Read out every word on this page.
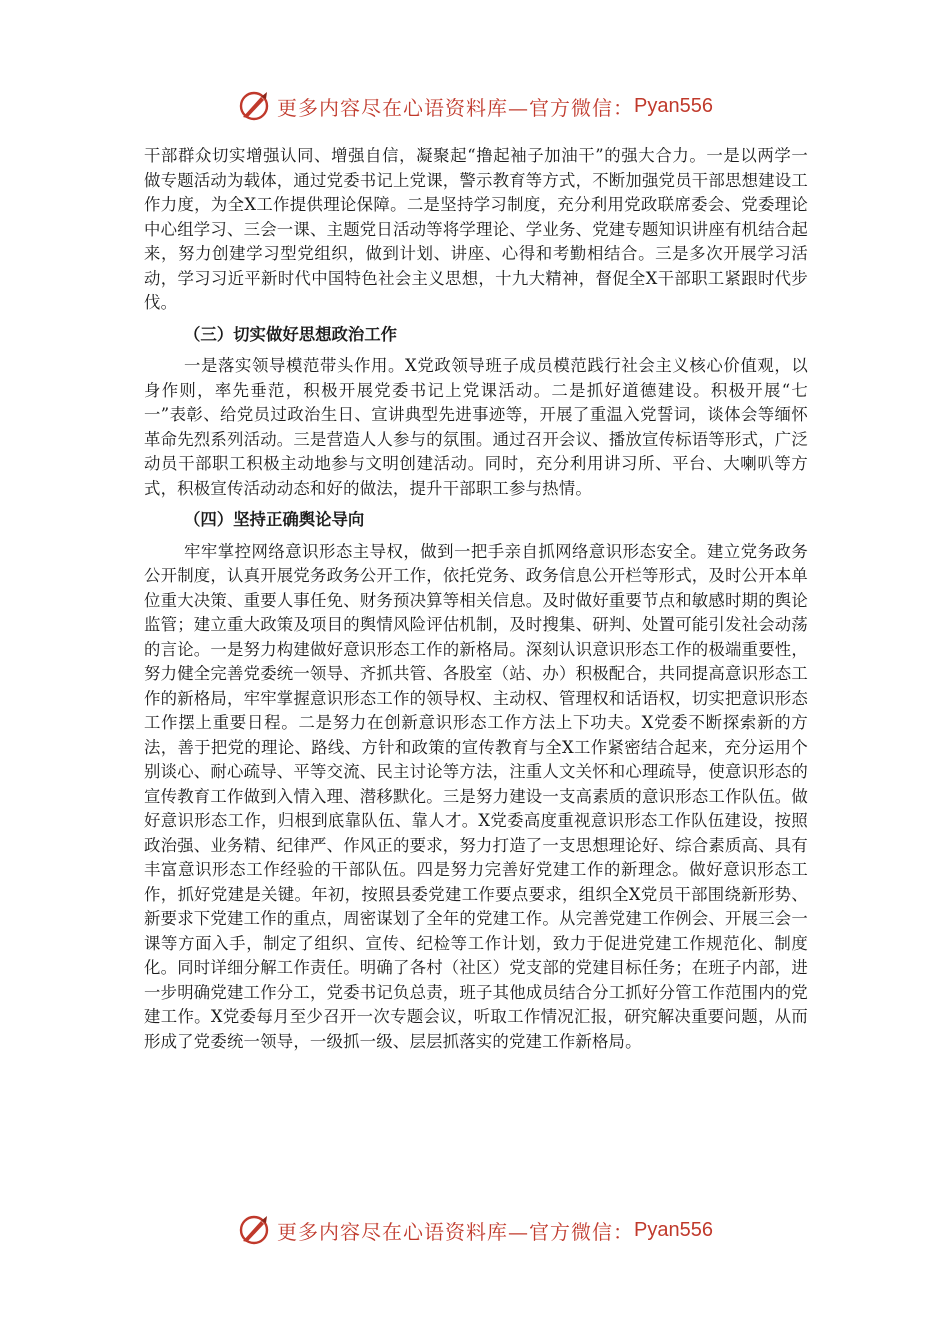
更多内容尽在心语资料库—官方微信： Pyan556

干部群众切实增强认同、增强自信，凝聚起“撸起袖子加油干”的强大合力。一是以两学一做专题活动为载体，通过党委书记上党课，警示教育等方式，不断加强党员干部思想建设工作力度，为全X工作提供理论保障。二是坚持学习制度，充分利用党政联席委会、党委理论中心组学习、三会一课、主题党日活动等将学理论、学业务、党建专题知识讲座有机结合起来，努力创建学习型党组织，做到计划、讲座、心得和考勤相结合。三是多次开展学习活动，学习习近平新时代中国特色社会主义思想，十九大精神，督促全X干部职工紧跟时代步伐。

（三）切实做好思想政治工作

一是落实领导模范带头作用。X党政领导班子成员模范践行社会主义核心价值观，以身作则，率先垂范，积极开展党委书记上党课活动。二是抓好道德建设。积极开展“七一”表彰、给党员过政治生日、宣讲典型先进事迹等，开展了重温入党誓词，谈体会等缅怀革命先烈系列活动。三是营造人人参与的氛围。通过召开会议、播放宣传标语等形式，广泛动员干部职工积极主动地参与文明创建活动。同时，充分利用讲习所、平台、大喇叭等方式，积极宣传活动动态和好的做法，提升干部职工参与热情。

（四）坚持正确舆论导向

牢牢掌控网络意识形态主导权，做到一把手亲自抓网络意识形态安全。建立党务政务公开制度，认真开展党务政务公开工作，依托党务、政务信息公开栏等形式，及时公开本单位重大决策、重要人事任免、财务预决算等相关信息。及时做好重要节点和敏感时期的舆论监管；建立重大政策及项目的舆情风险评估机制，及时搜集、研判、处置可能引发社会动荡的言论。一是努力构建做好意识形态工作的新格局。深刻认识意识形态工作的极端重要性，努力健全完善党委统一领导、齐抓共管、各股室（站、办）积极配合，共同提高意识形态工作的新格局，牢牢掌握意识形态工作的领导权、主动权、管理权和话语权，切实把意识形态工作摆上重要日程。二是努力在创新意识形态工作方法上下功夫。X党委不断探索新的方法，善于把党的理论、路线、方针和政策的宣传教育与全X工作紧密结合起来，充分运用个别谈心、耐心疏导、平等交流、民主讨论等方法，注重人文关怀和心理疏导，使意识形态的宣传教育工作做到入情入理、潜移默化。三是努力建设一支高素质的意识形态工作队伍。做好意识形态工作，归根到底靠队伍、靠人才。X党委高度重视意识形态工作队伍建设，按照政治强、业务精、纪律严、作风正的要求，努力打造了一支思想理论好、综合素质高、具有丰富意识形态工作经验的干部队伍。四是努力完善好党建工作的新理念。做好意识形态工作，抓好党建是关键。年初，按照县委党建工作要点要求，组织全X党员干部围绕新形势、新要求下党建工作的重点，周密谋划了全年的党建工作。从完善党建工作例会、开展三会一课等方面入手，制定了组织、宣传、纪检等工作计划，致力于促进党建工作规范化、制度化。同时详细分解工作责任。明确了各村（社区）党支部的党建目标任务；在班子内部，进一步明确党建工作分工，党委书记负总责，班子其他成员结合分工抓好分管工作范围内的党建工作。X党委每月至少召开一次专题会议，听取工作情况汇报，研究解决重要问题，从而形成了党委统一领导，一级抓一级、层层抓落实的党建工作新格局。

更多内容尽在心语资料库—官方微信： Pyan556
